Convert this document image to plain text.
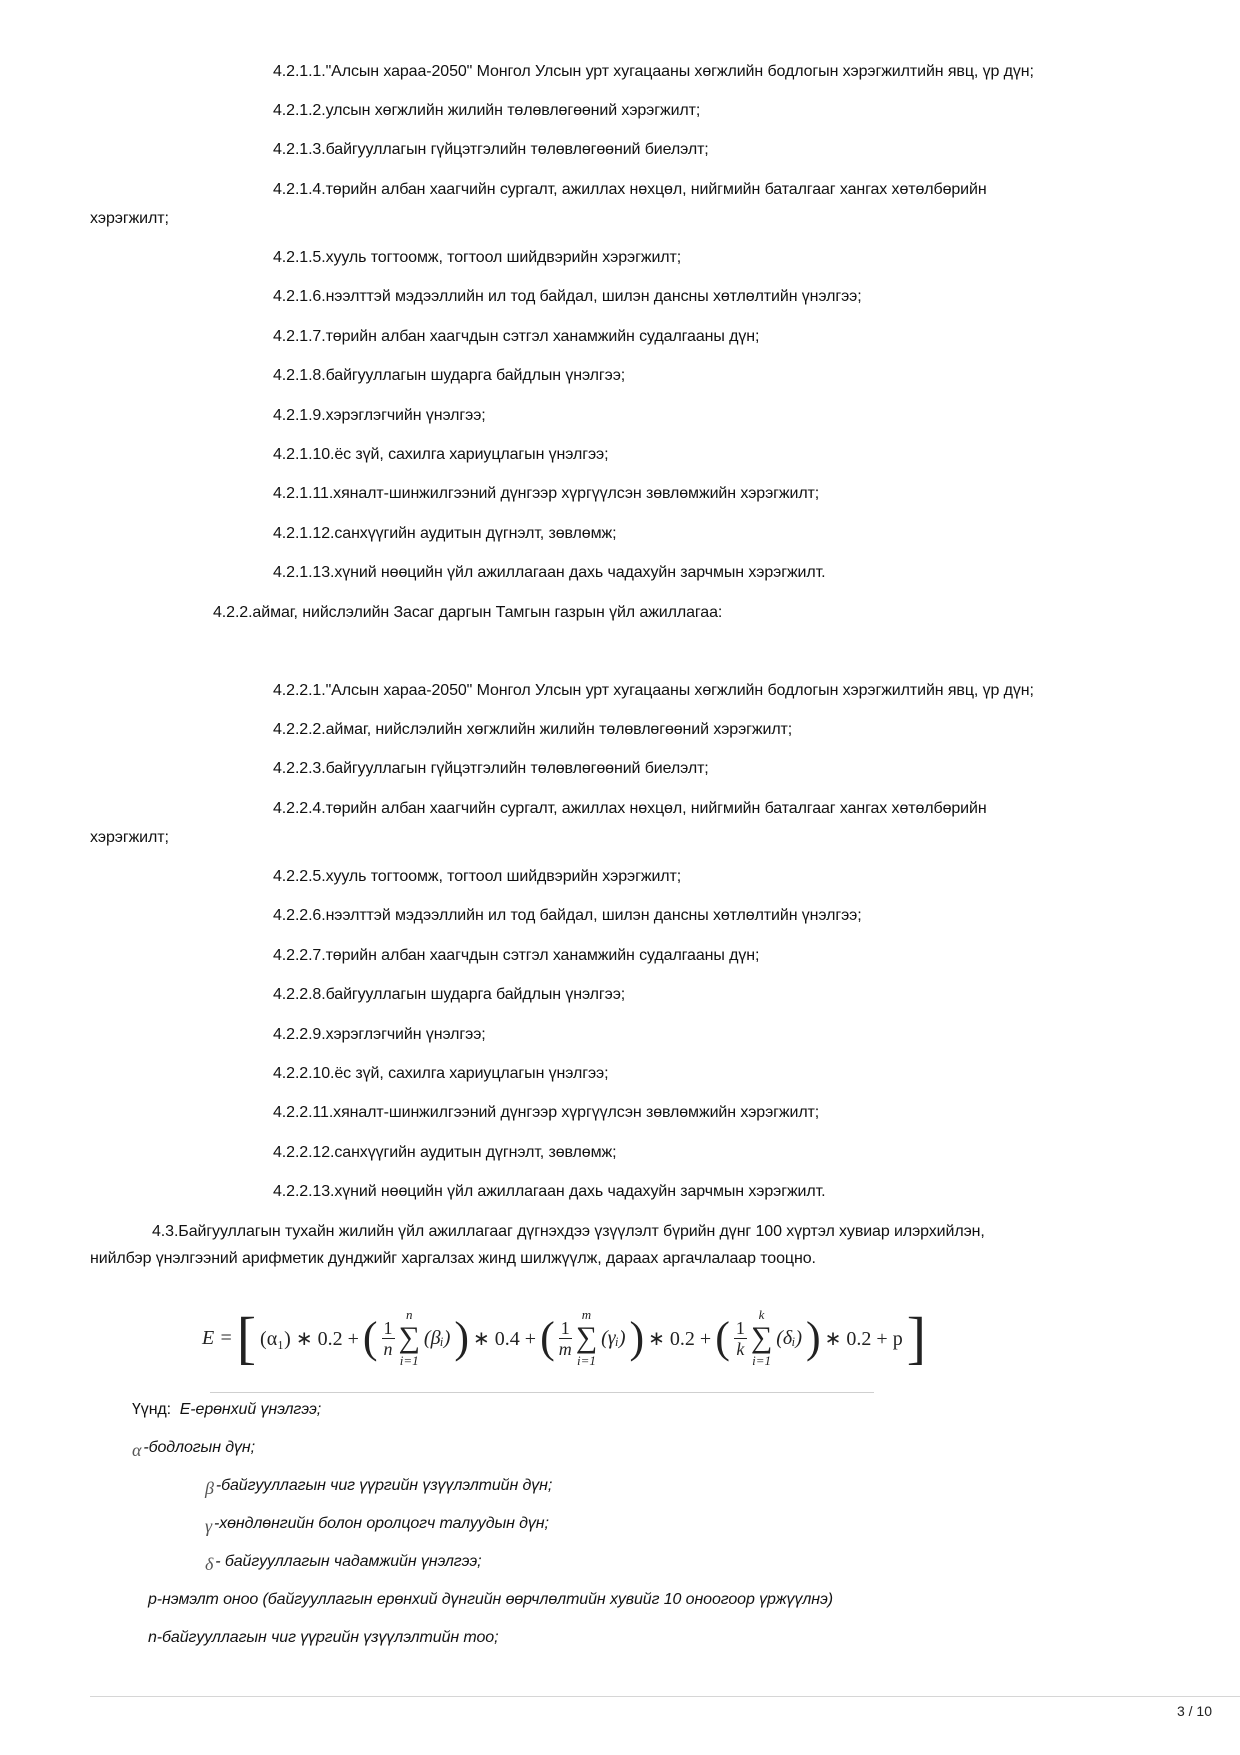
4.2.1.1."Алсын хараа-2050" Монгол Улсын урт хугацааны хөгжлийн бодлогын хэрэгжилтийн явц, үр дүн;
4.2.1.2.улсын хөгжлийн жилийн төлөвлөгөөний хэрэгжилт;
4.2.1.3.байгууллагын гүйцэтгэлийн төлөвлөгөөний биелэлт;
4.2.1.4.төрийн албан хаагчийн сургалт, ажиллах нөхцөл, нийгмийн баталгааг хангах хөтөлбөрийн
хэрэгжилт;
4.2.1.5.хууль тогтоомж, тогтоол шийдвэрийн хэрэгжилт;
4.2.1.6.нээлттэй мэдээллийн ил тод байдал, шилэн дансны хөтлөлтийн үнэлгээ;
4.2.1.7.төрийн албан хаагчдын сэтгэл ханамжийн судалгааны дүн;
4.2.1.8.байгууллагын шударга байдлын үнэлгээ;
4.2.1.9.хэрэглэгчийн үнэлгээ;
4.2.1.10.ёс зүй, сахилга хариуцлагын үнэлгээ;
4.2.1.11.хяналт-шинжилгээний дүнгээр хүргүүлсэн зөвлөмжийн хэрэгжилт;
4.2.1.12.санхүүгийн аудитын дүгнэлт, зөвлөмж;
4.2.1.13.хүний нөөцийн үйл ажиллагаан дахь чадахуйн зарчмын хэрэгжилт.
4.2.2.аймаг, нийслэлийн Засаг даргын Тамгын газрын үйл ажиллагаа:
4.2.2.1."Алсын хараа-2050" Монгол Улсын урт хугацааны хөгжлийн бодлогын хэрэгжилтийн явц, үр дүн;
4.2.2.2.аймаг, нийслэлийн хөгжлийн жилийн төлөвлөгөөний хэрэгжилт;
4.2.2.3.байгууллагын гүйцэтгэлийн төлөвлөгөөний биелэлт;
4.2.2.4.төрийн албан хаагчийн сургалт, ажиллах нөхцөл, нийгмийн баталгааг хангах хөтөлбөрийн
хэрэгжилт;
4.2.2.5.хууль тогтоомж, тогтоол шийдвэрийн хэрэгжилт;
4.2.2.6.нээлттэй мэдээллийн ил тод байдал, шилэн дансны хөтлөлтийн үнэлгээ;
4.2.2.7.төрийн албан хаагчдын сэтгэл ханамжийн судалгааны дүн;
4.2.2.8.байгууллагын шударга байдлын үнэлгээ;
4.2.2.9.хэрэглэгчийн үнэлгээ;
4.2.2.10.ёс зүй, сахилга хариуцлагын үнэлгээ;
4.2.2.11.хяналт-шинжилгээний дүнгээр хүргүүлсэн зөвлөмжийн хэрэгжилт;
4.2.2.12.санхүүгийн аудитын дүгнэлт, зөвлөмж;
4.2.2.13.хүний нөөцийн үйл ажиллагаан дахь чадахуйн зарчмын хэрэгжилт.
4.3.Байгууллагын тухайн жилийн үйл ажиллагааг дүгнэхдээ үзүүлэлт бүрийн дүнг 100 хүртэл хувиар илэрхийлэн,
нийлбэр үнэлгээний арифметик дунджийг харгалзах жинд шилжүүлж, дараах аргачлалаар тооцно.
E = [ (α₁) ∗ 0.2 + ( $\frac{1}{n}$
n
∑
i=1
(βᵢ) ) ∗ 0.4 + ( $\frac{1}{m}$
m
∑
i=1
(γᵢ) ) ∗ 0.2 + ( $\frac{1}{k}$
k
∑
i=1
(δᵢ) ) ∗ 0.2 + p ]
Үүнд: E-ерөнхий үнэлгээ;
α -бодлогын дүн;
β -байгууллагын чиг үүргийн үзүүлэлтийн дүн;
γ -хөндлөнгийн болон оролцогч талуудын дүн;
δ - байгууллагын чадамжийн үнэлгээ;
p-нэмэлт оноо (байгууллагын ерөнхий дүнгийн өөрчлөлтийн хувийг 10 оноогоор үржүүлнэ)
n-байгууллагын чиг үүргийн үзүүлэлтийн тоо;
3 / 10
